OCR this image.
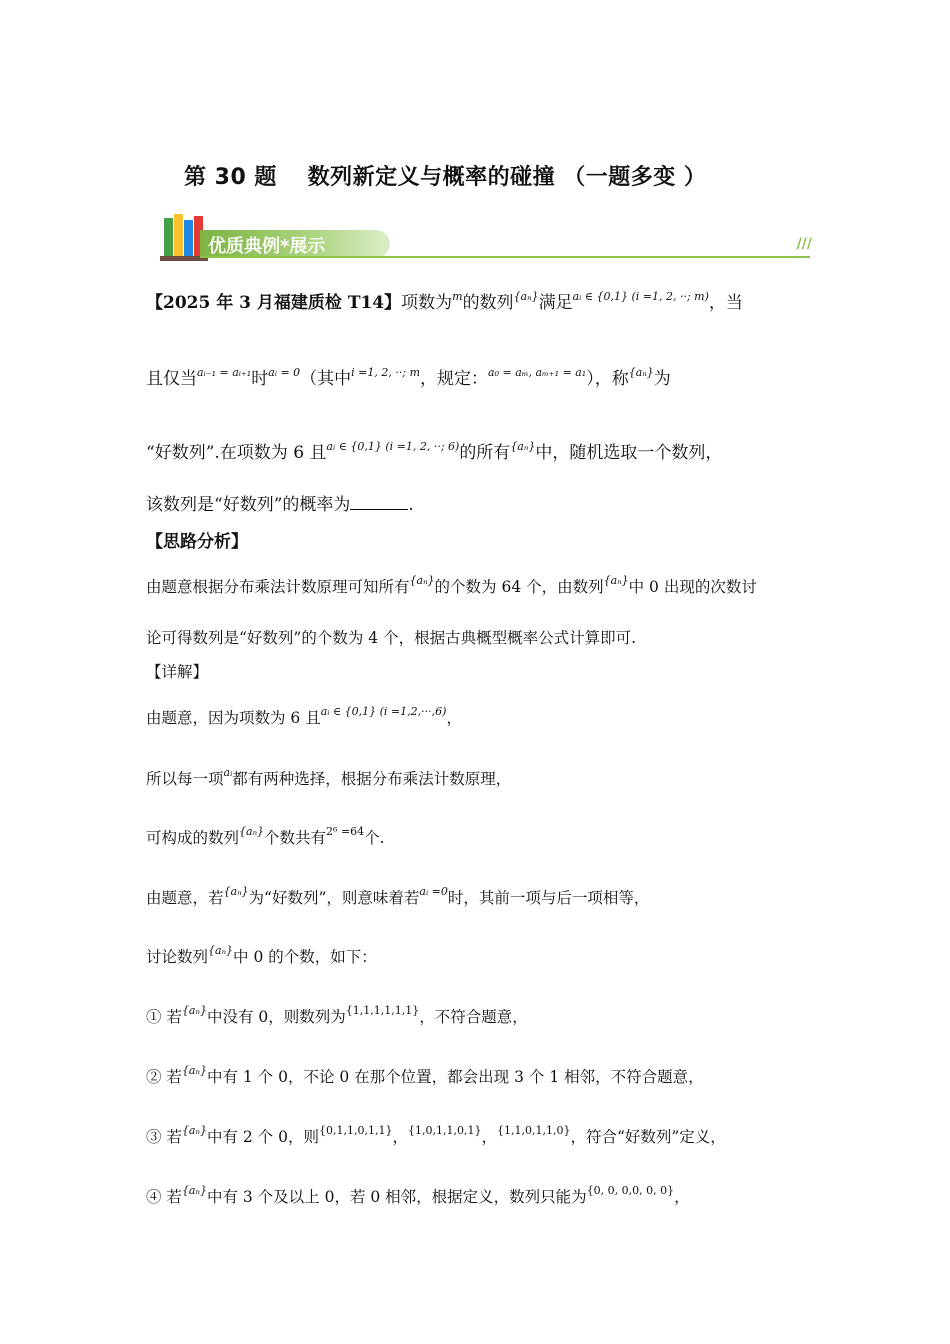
第 30 题　 数列新定义与概率的碰撞 （一题多变 ）
优质典例*展示	///
【2025 年 3 月福建质检 T14】项数为$^m$的数列$^{\{a_n\}}$满足$^{aᵢ \in \{0,1\} (i =1, 2, \cdot\cdot; m)}$，当
且仅当$^{aᵢ_{-1} = aᵢ_{+1}}$时$^{aᵢ = 0}$（其中$^{i =1, 2, \cdot\cdot; m}$，规定：$^{a_0 = a_m, a_{m+1} = a_1}$），称$^{\{a_n\}}$为
“好数列”.在项数为 6 且$^{aᵢ \in \{0,1\} (i =1, 2, \cdot\cdot; 6)}$的所有$^{\{a_n\}}$中，随机选取一个数列，
该数列是“好数列”的概率为	.
【思路分析】
由题意根据分布乘法计数原理可知所有$^{\{a_n\}}$的个数为 64 个，由数列$^{\{a_n\}}$中 0 出现的次数讨
论可得数列是“好数列”的个数为 4 个，根据古典概型概率公式计算即可.
【详解】
由题意，因为项数为 6 且$^{aᵢ \in \{0,1\} (i =1,2,\cdot\cdot\cdot,6)}$，
所以每一项$^{aᵢ}$都有两种选择，根据分布乘法计数原理，
可构成的数列$^{\{a_n\}}$个数共有$^{2^6 =64}$个.
由题意，若$^{\{a_n\}}$为“好数列”，则意味着若$^{aᵢ =0}$时，其前一项与后一项相等，
讨论数列$^{\{a_n\}}$中 0 的个数，如下：
① 若$^{\{a_n\}}$中没有 0，则数列为$^{\{1,1,1,1,1,1\}}$，不符合题意，
② 若$^{\{a_n\}}$中有 1 个 0，不论 0 在那个位置，都会出现 3 个 1 相邻，不符合题意，
③ 若$^{\{a_n\}}$中有 2 个 0，则$^{\{0,1,1,0,1,1\}}$，$^{\{1,0,1,1,0,1\}}$，$^{\{1,1,0,1,1,0\}}$，符合“好数列”定义，
④ 若$^{\{a_n\}}$中有 3 个及以上 0，若 0 相邻，根据定义，数列只能为$^{\{0, 0, 0,0, 0, 0\}}$，
